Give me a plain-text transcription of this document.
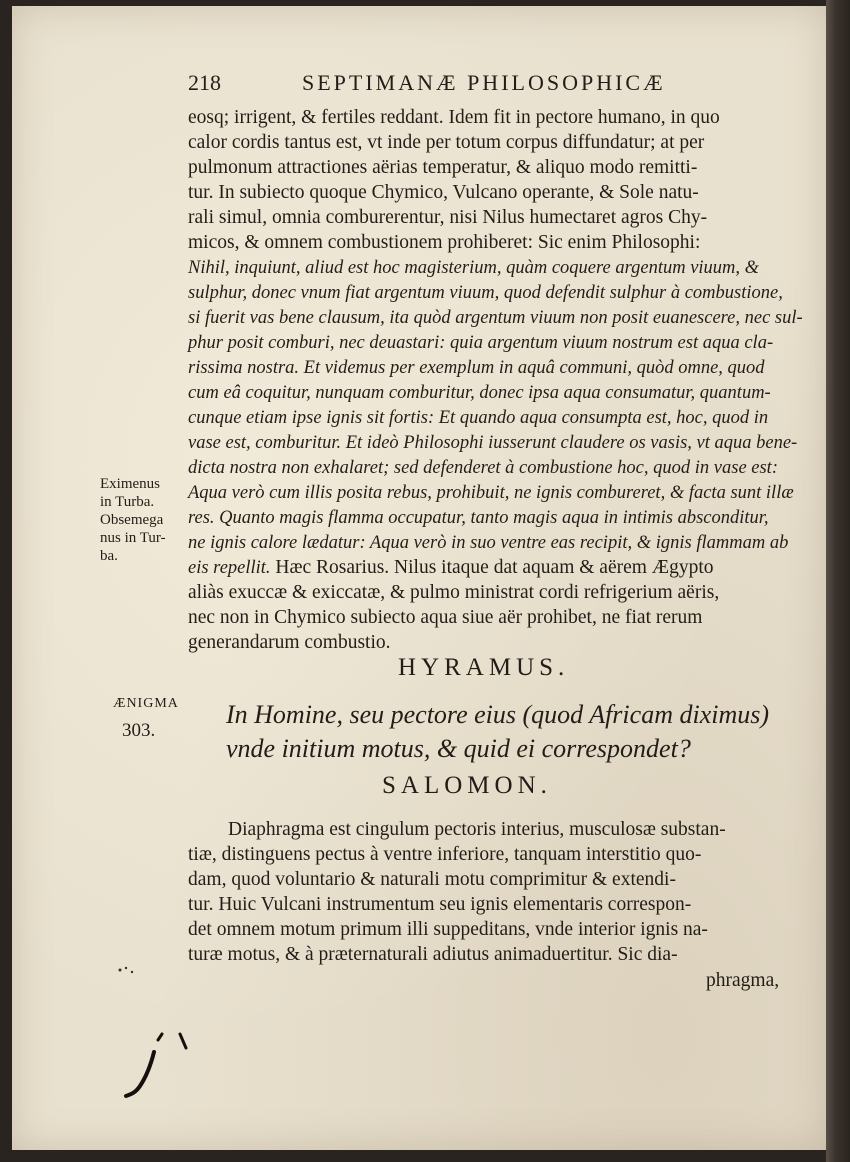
218	SEPTIMANÆ PHILOSOPHICÆ
eosq; irrigent, & fertiles reddant. Idem fit in pectore humano, in quo
calor cordis tantus est, vt inde per totum corpus diffundatur; at per
pulmonum attractiones aërias temperatur, & aliquo modo remitti-
tur. In subiecto quoque Chymico, Vulcano operante, & Sole natu-
rali simul, omnia comburerentur, nisi Nilus humectaret agros Chy-
micos, & omnem combustionem prohiberet: Sic enim Philosophi:
Nihil, inquiunt, aliud est hoc magisterium, quàm coquere argentum viuum, &
sulphur, donec vnum fiat argentum viuum, quod defendit sulphur à combustione,
si fuerit vas bene clausum, ita quòd argentum viuum non posit euanescere, nec sul-
phur posit comburi, nec deuastari: quia argentum viuum nostrum est aqua cla-
rissima nostra. Et videmus per exemplum in aquâ communi, quòd omne, quod
cum eâ coquitur, nunquam comburitur, donec ipsa aqua consumatur, quantum-
cunque etiam ipse ignis sit fortis: Et quando aqua consumpta est, hoc, quod in
vase est, comburitur. Et ideò Philosophi iusserunt claudere os vasis, vt aqua bene-
dicta nostra non exhalaret; sed defenderet à combustione hoc, quod in vase est:
Aqua verò cum illis posita rebus, prohibuit, ne ignis combureret, & facta sunt illæ
res. Quanto magis flamma occupatur, tanto magis aqua in intimis absconditur,
ne ignis calore lædatur: Aqua verò in suo ventre eas recipit, & ignis flammam ab
eis repellit. Hæc Rosarius. Nilus itaque dat aquam & aërem Ægypto
aliàs exuccæ & exiccatæ, & pulmo ministrat cordi refrigerium aëris,
nec non in Chymico subiecto aqua siue aër prohibet, ne fiat rerum
generandarum combustio.
Eximenus
in Turba.
Obsemega
nus in Tur-
ba.
HYRAMUS.
ÆNIGMA
303.
In Homine, seu pectore eius (quod Africam diximus)
vnde initium motus, & quid ei correspondet?
SALOMON.
Diaphragma est cingulum pectoris interius, musculosæ substan-
tiæ, distinguens pectus à ventre inferiore, tanquam interstitio quo-
dam, quod voluntario & naturali motu comprimitur & extendi-
tur. Huic Vulcani instrumentum seu ignis elementaris correspon-
det omnem motum primum illi suppeditans, vnde interior ignis na-
turæ motus, & à præternaturali adiutus animaduertitur. Sic dia-
phragma,
